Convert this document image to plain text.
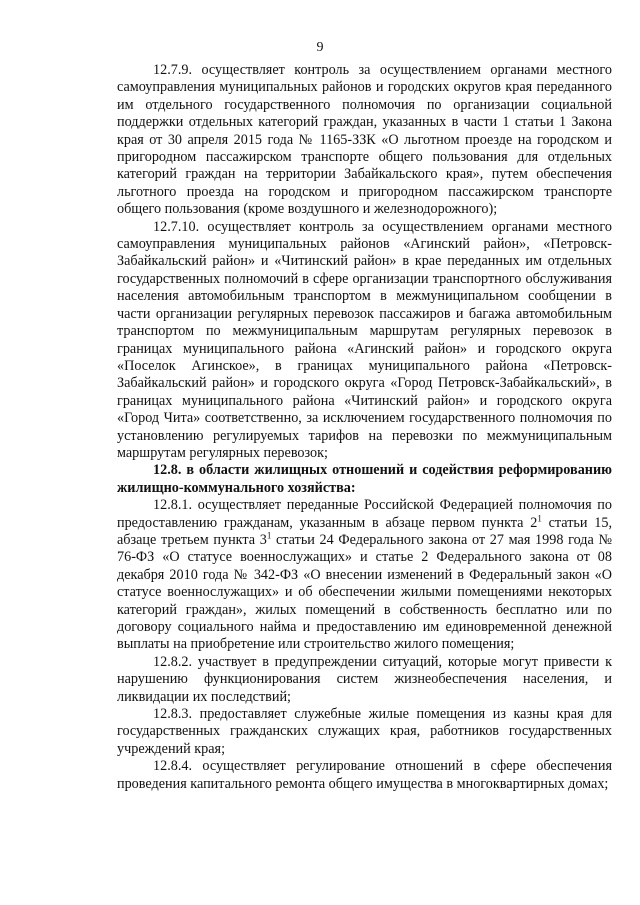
9

12.7.9. осуществляет контроль за осуществлением органами местного самоуправления муниципальных районов и городских округов края переданного им отдельного государственного полномочия по организации социальной поддержки отдельных категорий граждан, указанных в части 1 статьи 1 Закона края от 30 апреля 2015 года № 1165-ЗЗК «О льготном проезде на городском и пригородном пассажирском транспорте общего пользования для отдельных категорий граждан на территории Забайкальского края», путем обеспечения льготного проезда на городском и пригородном пассажирском транспорте общего пользования (кроме воздушного и железнодорожного);

12.7.10. осуществляет контроль за осуществлением органами местного самоуправления муниципальных районов «Агинский район», «Петровск-Забайкальский район» и «Читинский район» в крае переданных им отдельных государственных полномочий в сфере организации транспортного обслуживания населения автомобильным транспортом в межмуниципальном сообщении в части организации регулярных перевозок пассажиров и багажа автомобильным транспортом по межмуниципальным маршрутам регулярных перевозок в границах муниципального района «Агинский район» и городского округа «Поселок Агинское», в границах муниципального района «Петровск-Забайкальский район» и городского округа «Город Петровск-Забайкальский», в границах муниципального района «Читинский район» и городского округа «Город Чита» соответственно, за исключением государственного полномочия по установлению регулируемых тарифов на перевозки по межмуниципальным маршрутам регулярных перевозок;

12.8. в области жилищных отношений и содействия реформированию жилищно-коммунального хозяйства:

12.8.1. осуществляет переданные Российской Федерацией полномочия по предоставлению гражданам, указанным в абзаце первом пункта $2^1$ статьи 15, абзаце третьем пункта $3^1$ статьи 24 Федерального закона от 27 мая 1998 года № 76-ФЗ «О статусе военнослужащих» и статье 2 Федерального закона от 08 декабря 2010 года № 342-ФЗ «О внесении изменений в Федеральный закон «О статусе военнослужащих» и об обеспечении жилыми помещениями некоторых категорий граждан», жилых помещений в собственность бесплатно или по договору социального найма и предоставлению им единовременной денежной выплаты на приобретение или строительство жилого помещения;

12.8.2. участвует в предупреждении ситуаций, которые могут привести к нарушению функционирования систем жизнеобеспечения населения, и ликвидации их последствий;

12.8.3. предоставляет служебные жилые помещения из казны края для государственных гражданских служащих края, работников государственных учреждений края;

12.8.4. осуществляет регулирование отношений в сфере обеспечения проведения капитального ремонта общего имущества в многоквартирных домах;
